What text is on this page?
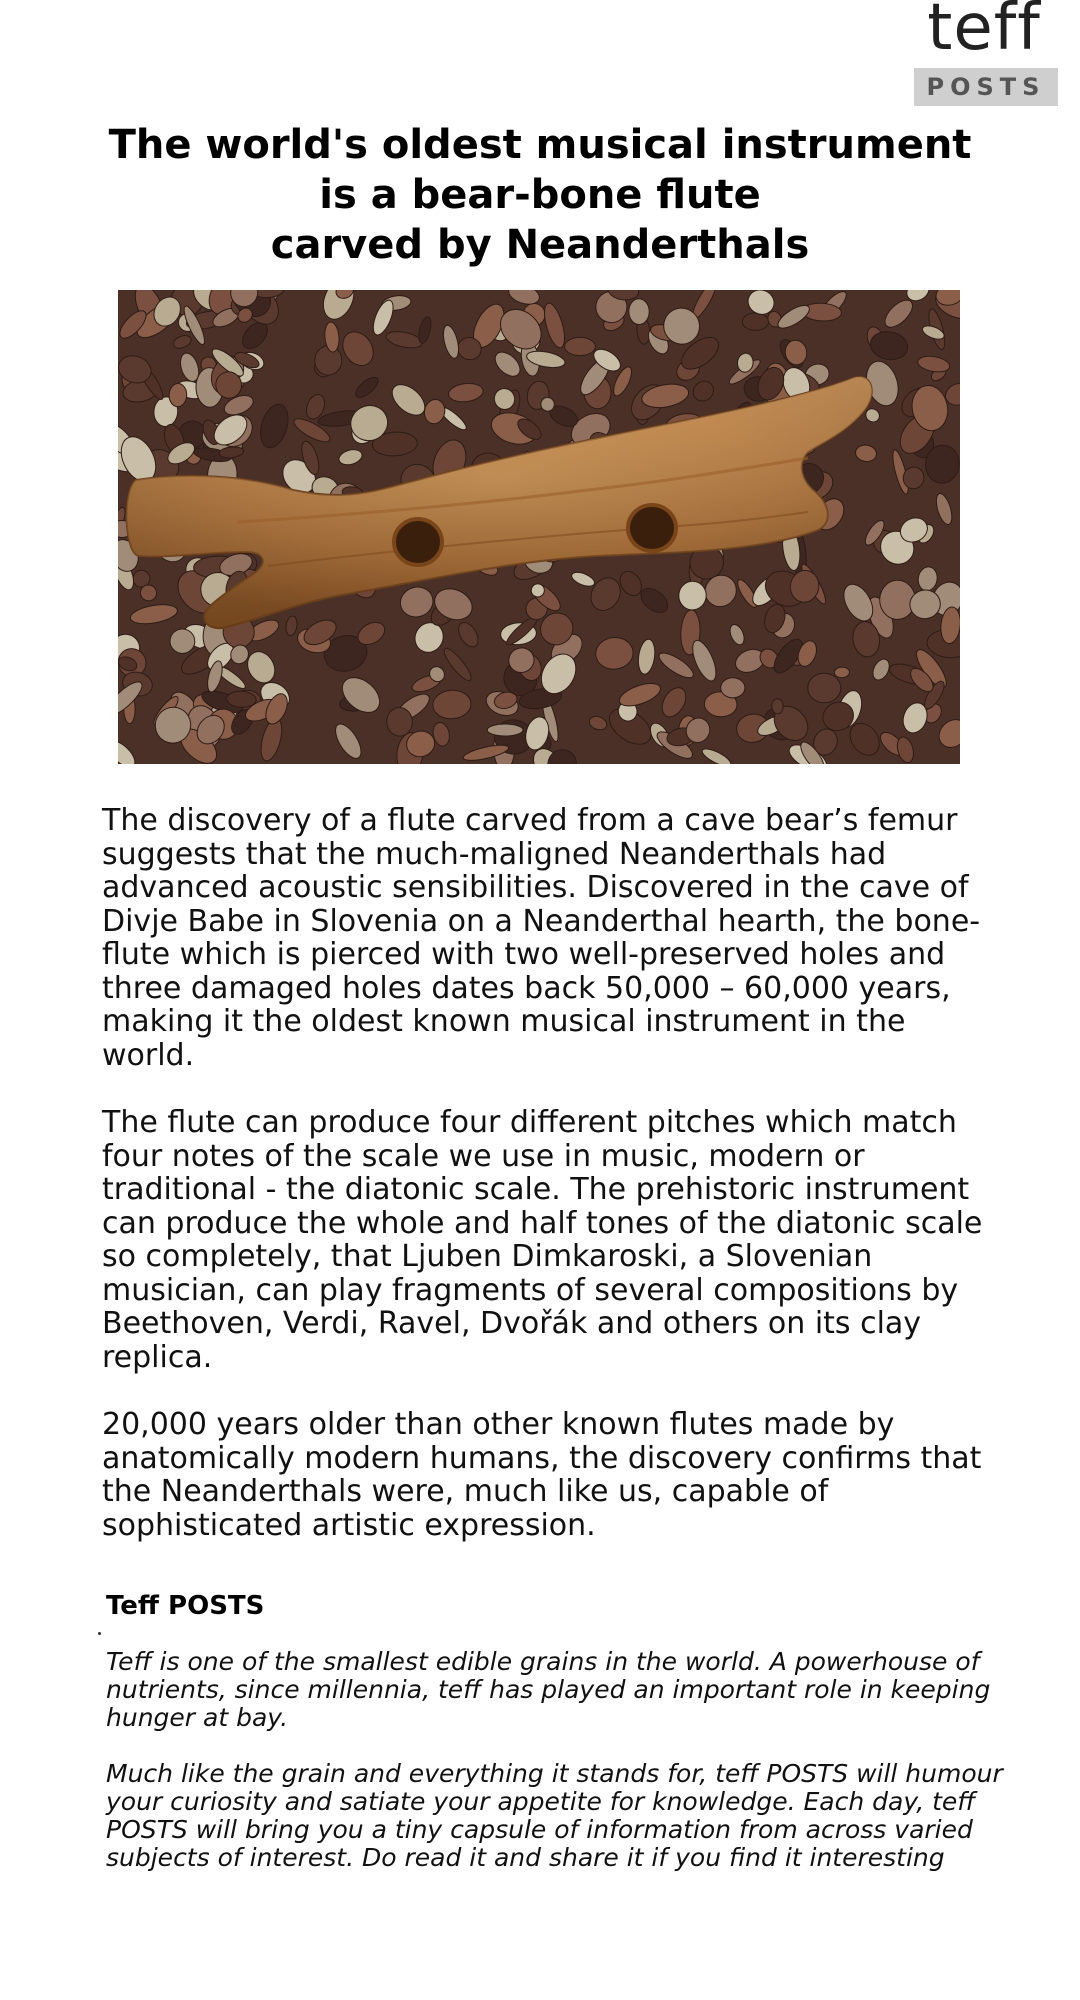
teff
POSTS
The world's oldest musical instrument
is a bear-bone flute
carved by Neanderthals

The discovery of a flute carved from a cave bear’s femur suggests that the much-maligned Neanderthals had advanced acoustic sensibilities. Discovered in the cave of Divje Babe in Slovenia on a Neanderthal hearth, the bone-flute which is pierced with two well-preserved holes and three damaged holes dates back 50,000 – 60,000 years, making it the oldest known musical instrument in the world.

The flute can produce four different pitches which match four notes of the scale we use in music, modern or traditional - the diatonic scale. The prehistoric instrument can produce the whole and half tones of the diatonic scale so completely, that Ljuben Dimkaroski, a Slovenian musician, can play fragments of several compositions by Beethoven, Verdi, Ravel, Dvořák and others on its clay replica.

20,000 years older than other known flutes made by anatomically modern humans, the discovery confirms that the Neanderthals were, much like us, capable of sophisticated artistic expression.

Teff POSTS

Teff is one of the smallest edible grains in the world. A powerhouse of nutrients, since millennia, teff has played an important role in keeping hunger at bay.

Much like the grain and everything it stands for, teff POSTS will humour your curiosity and satiate your appetite for knowledge. Each day, teff POSTS will bring you a tiny capsule of information from across varied subjects of interest. Do read it and share it if you find it interesting
